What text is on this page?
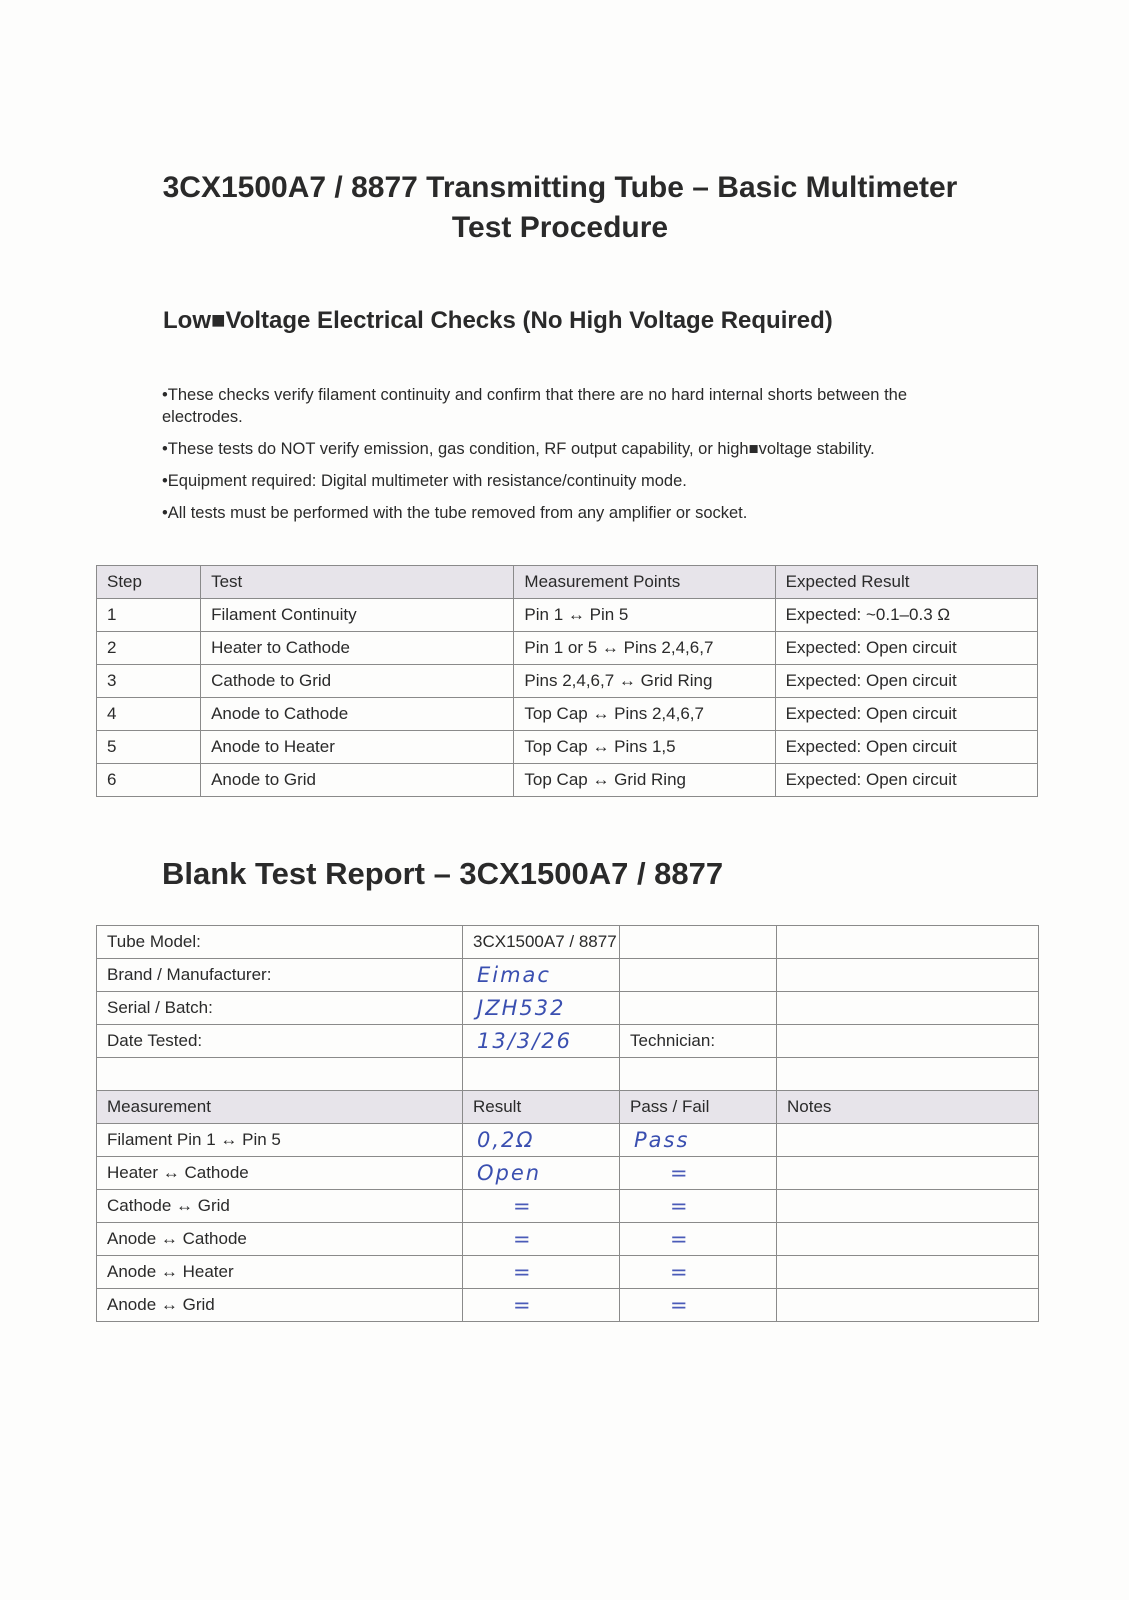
3CX1500A7 / 8877 Transmitting Tube – Basic Multimeter Test Procedure
Low■Voltage Electrical Checks (No High Voltage Required)
• These checks verify filament continuity and confirm that there are no hard internal shorts between the electrodes.
• These tests do NOT verify emission, gas condition, RF output capability, or high■voltage stability.
• Equipment required: Digital multimeter with resistance/continuity mode.
• All tests must be performed with the tube removed from any amplifier or socket.
Step	Test	Measurement Points	Expected Result
1	Filament Continuity	Pin 1 ↔ Pin 5	Expected: ~0.1–0.3 Ω
2	Heater to Cathode	Pin 1 or 5 ↔ Pins 2,4,6,7	Expected: Open circuit
3	Cathode to Grid	Pins 2,4,6,7 ↔ Grid Ring	Expected: Open circuit
4	Anode to Cathode	Top Cap ↔ Pins 2,4,6,7	Expected: Open circuit
5	Anode to Heater	Top Cap ↔ Pins 1,5	Expected: Open circuit
6	Anode to Grid	Top Cap ↔ Grid Ring	Expected: Open circuit
Blank Test Report – 3CX1500A7 / 8877
Tube Model:	3CX1500A7 / 8877		
Brand / Manufacturer:	Eimac		
Serial / Batch:	JZH532		
Date Tested:	13/3/26	Technician:	

Measurement	Result	Pass / Fail	Notes
Filament Pin 1 ↔ Pin 5	0,2Ω	Pass	
Heater ↔ Cathode	Open	=	
Cathode ↔ Grid	=	=	
Anode ↔ Cathode	=	=	
Anode ↔ Heater	=	=	
Anode ↔ Grid	=	=	
